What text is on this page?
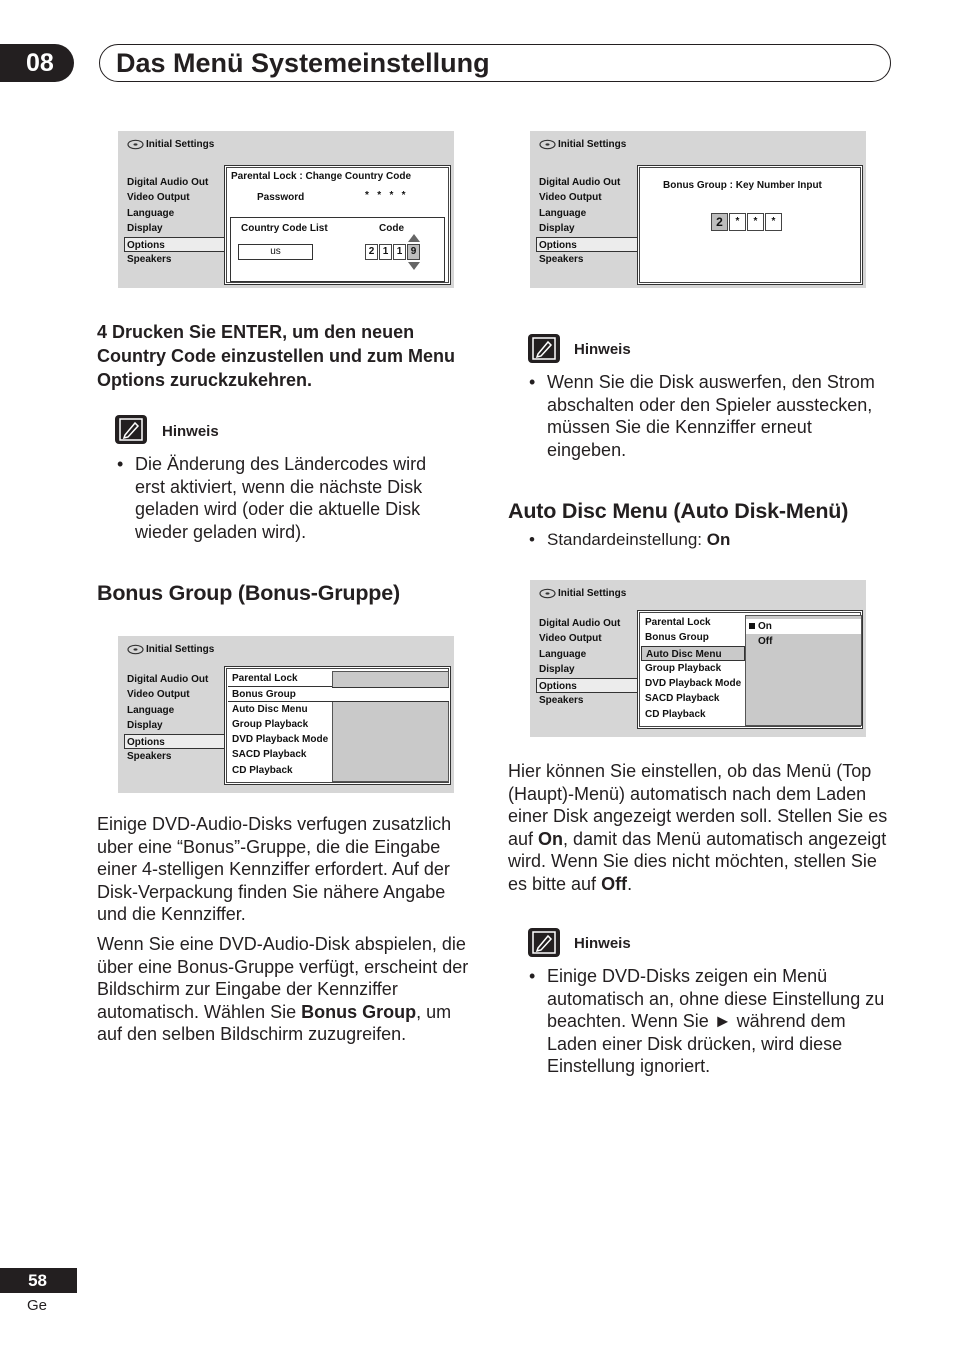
08	Das Menü Systemeinstellung
Initial Settings
Digital Audio Out
Video Output
Language
Display
Options
Speakers
Parental Lock : Change Country Code
Password	*   *   *   *
Country Code List	Code
us	2 1 1 9
Initial Settings
Digital Audio Out
Video Output
Language
Display
Options
Speakers
Bonus Group : Key Number Input
2	*	*	*
4 Drucken Sie ENTER, um den neuen Country Code einzustellen und zum Menu Options zuruckzukehren.
Hinweis
• Die Änderung des Ländercodes wird erst aktiviert, wenn die nächste Disk geladen wird (oder die aktuelle Disk wieder geladen wird).
Bonus Group (Bonus-Gruppe)
Initial Settings
Digital Audio Out
Video Output
Language
Display
Options
Speakers
Parental Lock
Bonus Group
Auto Disc Menu
Group Playback
DVD Playback Mode
SACD Playback
CD Playback
Einige DVD-Audio-Disks verfugen zusatzlich uber eine “Bonus”-Gruppe, die die Eingabe einer 4-stelligen Kennziffer erfordert. Auf der Disk-Verpackung finden Sie nähere Angabe und die Kennziffer.
Wenn Sie eine DVD-Audio-Disk abspielen, die über eine Bonus-Gruppe verfügt, erscheint der Bildschirm zur Eingabe der Kennziffer automatisch. Wählen Sie Bonus Group, um auf den selben Bildschirm zuzugreifen.
Hinweis
• Wenn Sie die Disk auswerfen, den Strom abschalten oder den Spieler ausstecken, müssen Sie die Kennziffer erneut eingeben.
Auto Disc Menu (Auto Disk-Menü)
• Standardeinstellung: On
Initial Settings
Digital Audio Out
Video Output
Language
Display
Options
Speakers
Parental Lock
Bonus Group
Auto Disc Menu
Group Playback
DVD Playback Mode
SACD Playback
CD Playback
On
Off
Hier können Sie einstellen, ob das Menü (Top (Haupt)-Menü) automatisch nach dem Laden einer Disk angezeigt werden soll. Stellen Sie es auf On, damit das Menü automatisch angezeigt wird. Wenn Sie dies nicht möchten, stellen Sie es bitte auf Off.
Hinweis
• Einige DVD-Disks zeigen ein Menü automatisch an, ohne diese Einstellung zu beachten. Wenn Sie ► während dem Laden einer Disk drücken, wird diese Einstellung ignoriert.
58
Ge
